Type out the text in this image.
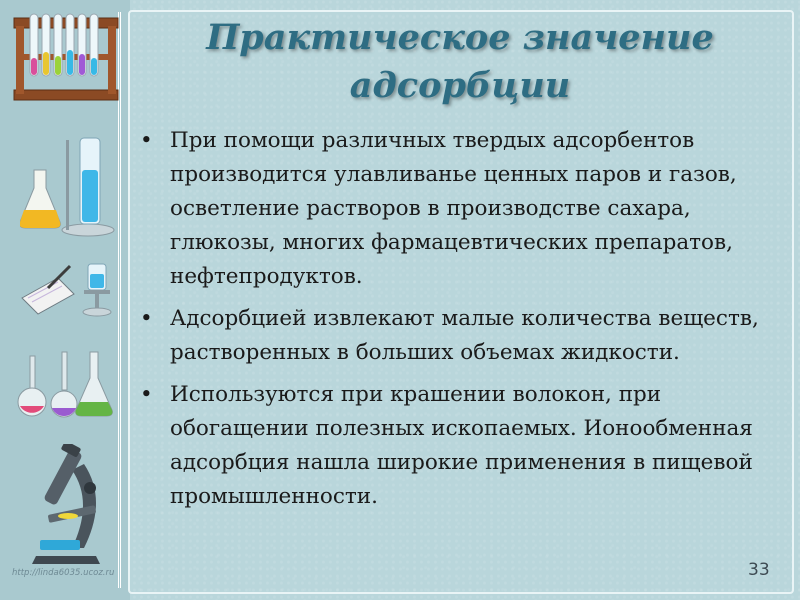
Практическое значение адсорбции
• При помощи различных твердых адсорбентов производится улавливанье ценных паров и газов, осветление растворов в производстве сахара, глюкозы, многих фармацевтических препаратов, нефтепродуктов.
• Адсорбцией извлекают малые количества веществ, растворенных в больших объемах жидкости.
• Используются при крашении волокон, при обогащении полезных ископаемых. Ионообменная адсорбция нашла широкие применения в пищевой промышленности.
http://linda6035.ucoz.ru	33
